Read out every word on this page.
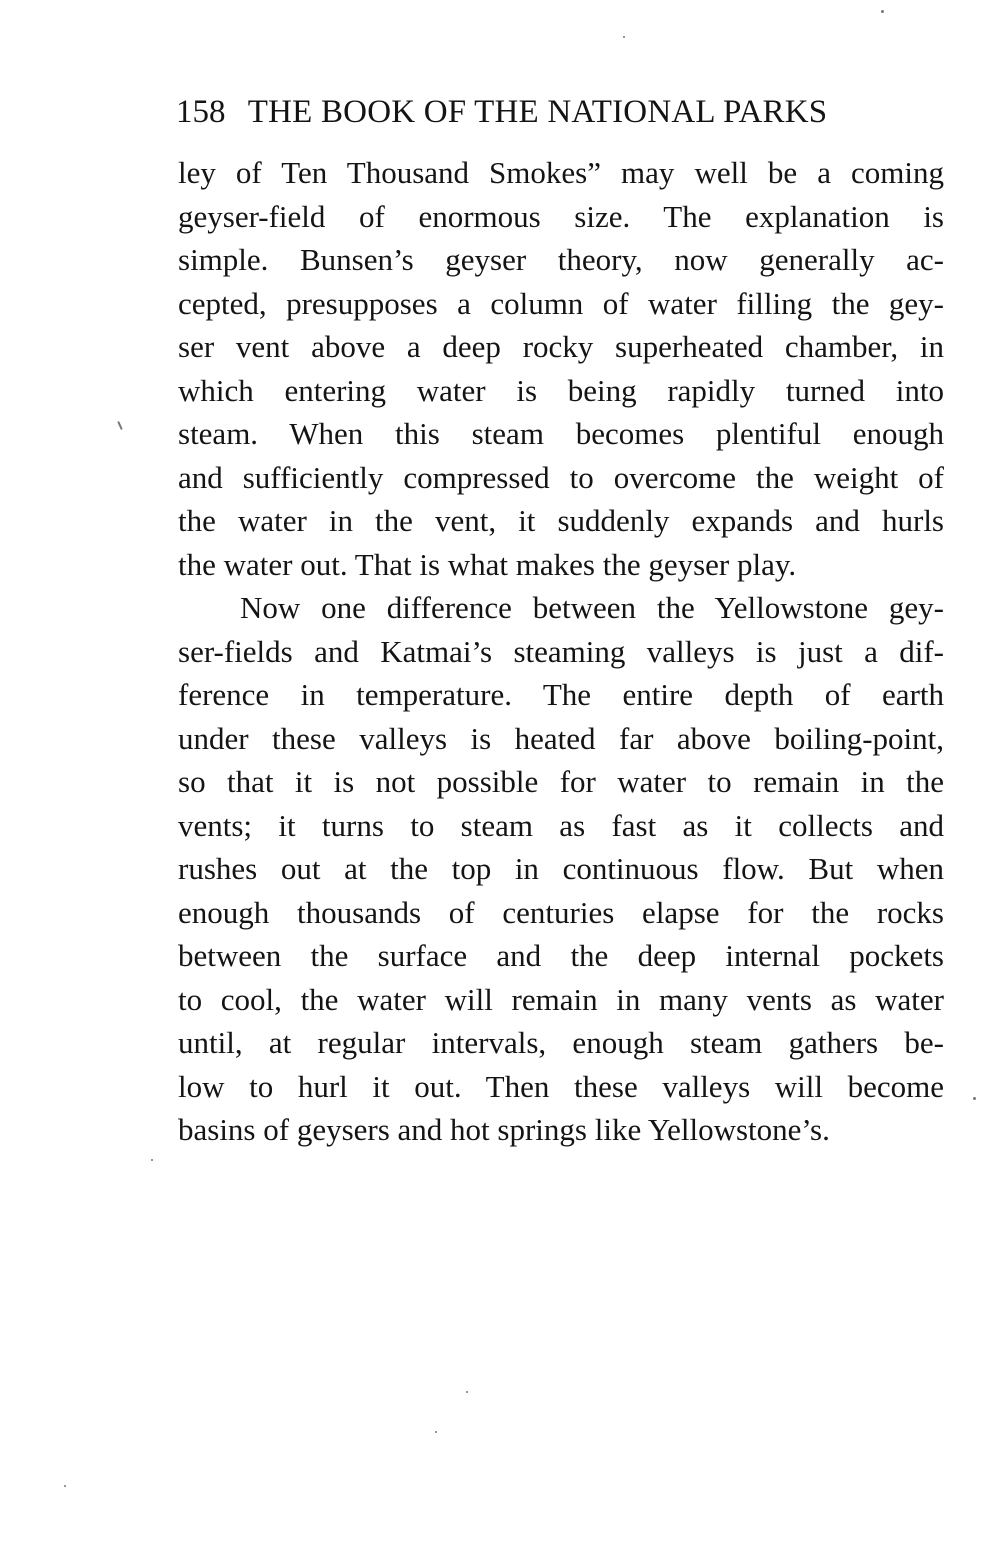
158 THE BOOK OF THE NATIONAL PARKS
ley of Ten Thousand Smokes” may well be a coming
geyser-field of enormous size. The explanation is
simple. Bunsen’s geyser theory, now generally ac-
cepted, presupposes a column of water filling the gey-
ser vent above a deep rocky superheated chamber, in
which entering water is being rapidly turned into
steam. When this steam becomes plentiful enough
and sufficiently compressed to overcome the weight of
the water in the vent, it suddenly expands and hurls
the water out. That is what makes the geyser play.
Now one difference between the Yellowstone gey-
ser-fields and Katmai’s steaming valleys is just a dif-
ference in temperature. The entire depth of earth
under these valleys is heated far above boiling-point,
so that it is not possible for water to remain in the
vents; it turns to steam as fast as it collects and
rushes out at the top in continuous flow. But when
enough thousands of centuries elapse for the rocks
between the surface and the deep internal pockets
to cool, the water will remain in many vents as water
until, at regular intervals, enough steam gathers be-
low to hurl it out. Then these valleys will become
basins of geysers and hot springs like Yellowstone’s.
